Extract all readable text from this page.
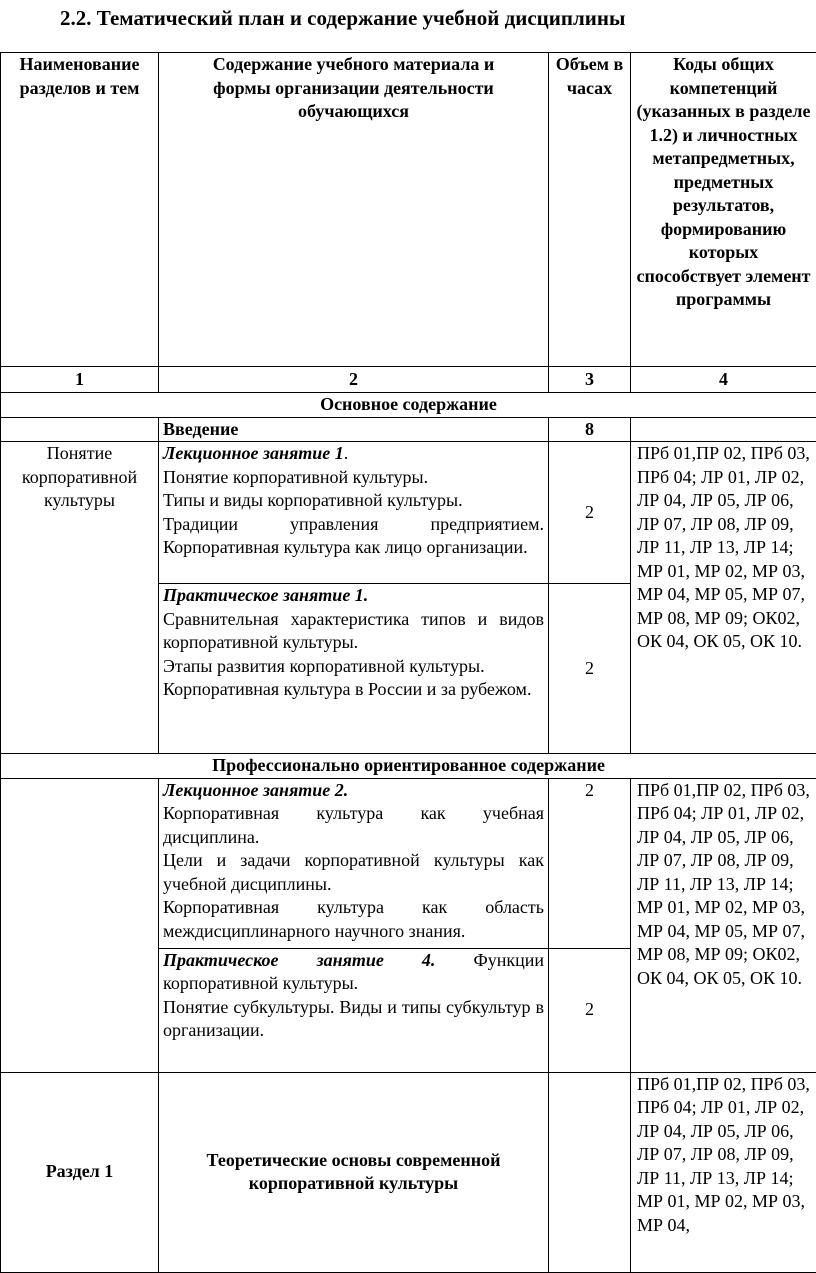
2.2. Тематический план и содержание учебной дисциплины
Наименование разделов и тем	Содержание учебного материала и формы организации деятельности обучающихся	Объем в часах	Коды общих компетенций (указанных в разделе 1.2) и личностных метапредметных, предметных результатов, формированию которых способствует элемент программы
1	2	3	4
Основное содержание			
	Введение	8	
Понятие корпоративной культуры	Лекционное занятие 1.

Понятие корпоративной культуры.

Типы и виды корпоративной культуры.

Традиции управления предприятием. Корпоративная культура как лицо организации.	2	ПРб 01,ПР 02, ПРб 03, ПРб 04; ЛР 01, ЛР 02, ЛР 04, ЛР 05, ЛР 06, ЛР 07, ЛР 08, ЛР 09, ЛР 11, ЛР 13, ЛР 14; МР 01, МР 02, МР 03, МР 04, МР 05, МР 07, МР 08, МР 09; ОК02, ОК 04, ОК 05, ОК 10.

	Практическое занятие 1.

Сравнительная характеристика типов и видов корпоративной культуры.

Этапы развития корпоративной культуры.

Корпоративная культура в России и за рубежом.	2	
Профессионально ориентированное содержание			

	Лекционное занятие 2.

Корпоративная культура как учебная дисциплина.

Цели и задачи корпоративной культуры как учебной дисциплины.

Корпоративная культура как область междисциплинарного научного знания.	2	ПРб 01,ПР 02, ПРб 03, ПРб 04; ЛР 01, ЛР 02, ЛР 04, ЛР 05, ЛР 06, ЛР 07, ЛР 08, ЛР 09, ЛР 11, ЛР 13, ЛР 14; МР 01, МР 02, МР 03, МР 04, МР 05, МР 07, МР 08, МР 09; ОК02, ОК 04, ОК 05, ОК 10.

	Практическое занятие 4. Функции корпоративной культуры.

Понятие субкультуры. Виды и типы субкультур в организации.	2	
Раздел 1	Теоретические основы современной корпоративной культуры		ПРб 01,ПР 02, ПРб 03, ПРб 04; ЛР 01, ЛР 02, ЛР 04, ЛР 05, ЛР 06, ЛР 07, ЛР 08, ЛР 09, ЛР 11, ЛР 13, ЛР 14; МР 01, МР 02, МР 03, МР 04,
